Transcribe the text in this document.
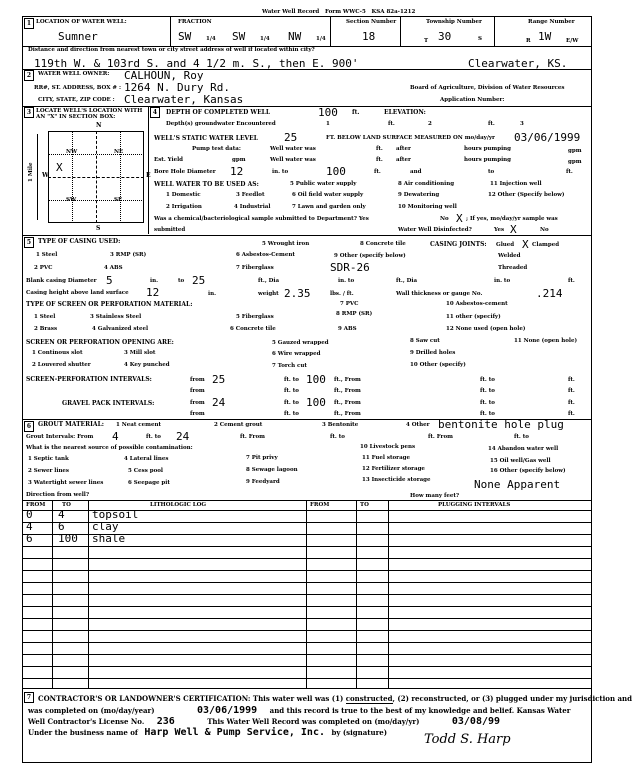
Water Well Record Form WWC-5 KSA 82a-1212
1 LOCATION OF WATER WELL:
Sumner
FRACTION
SW	1/4 SW	1/4 NW	1/4
Section Number
18
Township Number
T 30	S
Range Number
R 1W	E/W
Distance and direction from nearest town or city street address of well if located within city?
119th W. & 103rd S. and 4 1/2 m. S., then E. 900'	Clearwater, KS.
2	WATER WELL OWNER: CALHOUN, Roy
RR#, ST. ADDRESS, BOX # : 1264 N. Dury Rd.	Board of Agriculture, Division of Water Resources
CITY, STATE, ZIP CODE : Clearwater, Kansas	Application Number:
3 LOCATE WELL'S LOCATION WITH AN "X" IN SECTION BOX:
N
NW	NE
SW	SE
W	E
S
X
1 Mile
4	DEPTH OF COMPLETED WELL	100 ft.	ELEVATION:
Depth(s) groundwater Encountered	1	ft.	2	ft.	3
WELL'S STATIC WATER LEVEL 25	FT. BELOW LAND SURFACE MEASURED ON mo/day/yr 03/06/1999
Pump test data:	Well water was	ft. after	hours pumping	gpm
Est. Yield	gpm	Well water was	ft. after	hours pumping	gpm
Bore Hole Diameter 12	in. to	100	ft.	and	to	ft.
WELL WATER TO BE USED AS:	5 Public water supply	8 Air conditioning	11 Injection well
1 Domestic	3 Feedlot	6 Oil field water supply	9 Dewatering	12 Other (Specify below)
2 Irrigation	4 Industrial	7 Lawn and garden only	10 Monitoring well
Was a chemical/bacteriological sample submitted to Department? Yes	No X ; If yes, mo/day/yr sample was
submitted	Water Well Disinfected?	Yes X	No
5	TYPE OF CASING USED:	5 Wrought iron	8 Concrete tile
1 Steel	3 RMP (SR)	6 Asbestos-Cement	9 Other (specify below)
2 PVC	4 ABS	7 Fiberglass
CASING JOINTS: Glued X Clamped
Welded
Threaded
SDR-26
Blank casing Diameter 5	in.	to 25	ft., Dia	in. to	ft., Dia	in. to	ft.
Casing height above land surface 12	in.	weight 2.35	lbs. / ft.	Wall thickness or gauge No.	.214
TYPE OF SCREEN OR PERFORATION MATERIAL:	7 PVC	10 Asbestos-cement
1 Steel	3 Stainless Steel	5 Fiberglass	8 RMP (SR)	11 other (specify)
2 Brass	4 Galvanized steel	6 Concrete tile	9 ABS	12 None used (open hole)
SCREEN OR PERFORATION OPENING ARE:	8 Saw cut	11 None (open hole)
1 Continous slot	3 Mill slot
5 Gauzed wrapped
9 Drilled holes
2 Louvered shutter	4 Key punched
6 Wire wrapped
7 Torch cut	10 Other (specify)
SCREEN-PERFORATION INTERVALS:	from 25	ft. to 100 ft., From	ft. to	ft.
from	ft. to	ft., From	ft. to	ft.
GRAVEL PACK INTERVALS:	from 24	ft. to 100 ft., From	ft. to	ft.
from	ft. to	ft., From	ft. to	ft.
6	GROUT MATERIAL: 1 Neat cement	2 Cement grout	3 Bentonite	4 Other bentonite hole plug
Grout Intervals: From 4	ft. to 24	ft. From	ft. to	ft. From	ft. to
What is the nearest source of possible contamination:	10 Livestock pens	14 Abandon water well
1 Septic tank	4 Lateral lines	7 Pit privy	11 Fuel storage	15 Oil well/Gas well
2 Sewer lines	5 Cess pool	8 Sewage lagoon	12 Fertilizer storage	16 Other (specify below)
3 Watertight sewer lines	6 Seepage pit	9 Feedyard	13 Insecticide storage	None Apparent
Direction from well?	How many feet?
FROM	TO	LITHOLOGIC LOG	FROM	TO	PLUGGING INTERVALS
0 4 topsoil
4 6 clay
6 100 shale
7 CONTRACTOR'S OR LANDOWNER'S CERTIFICATION: This water well was (1) constructed, (2) reconstructed, or (3) plugged under my jurisdiction and
was completed on (mo/day/year)	03/06/1999 and this record is true to the best of my knowledge and belief. Kansas Water
Well Contractor's License No. 236	This Water Well Record was completed on (mo/day/yr)	03/08/99
Under the business name of Harp Well & Pump Service, Inc. by (signature)	Todd S. Harp
